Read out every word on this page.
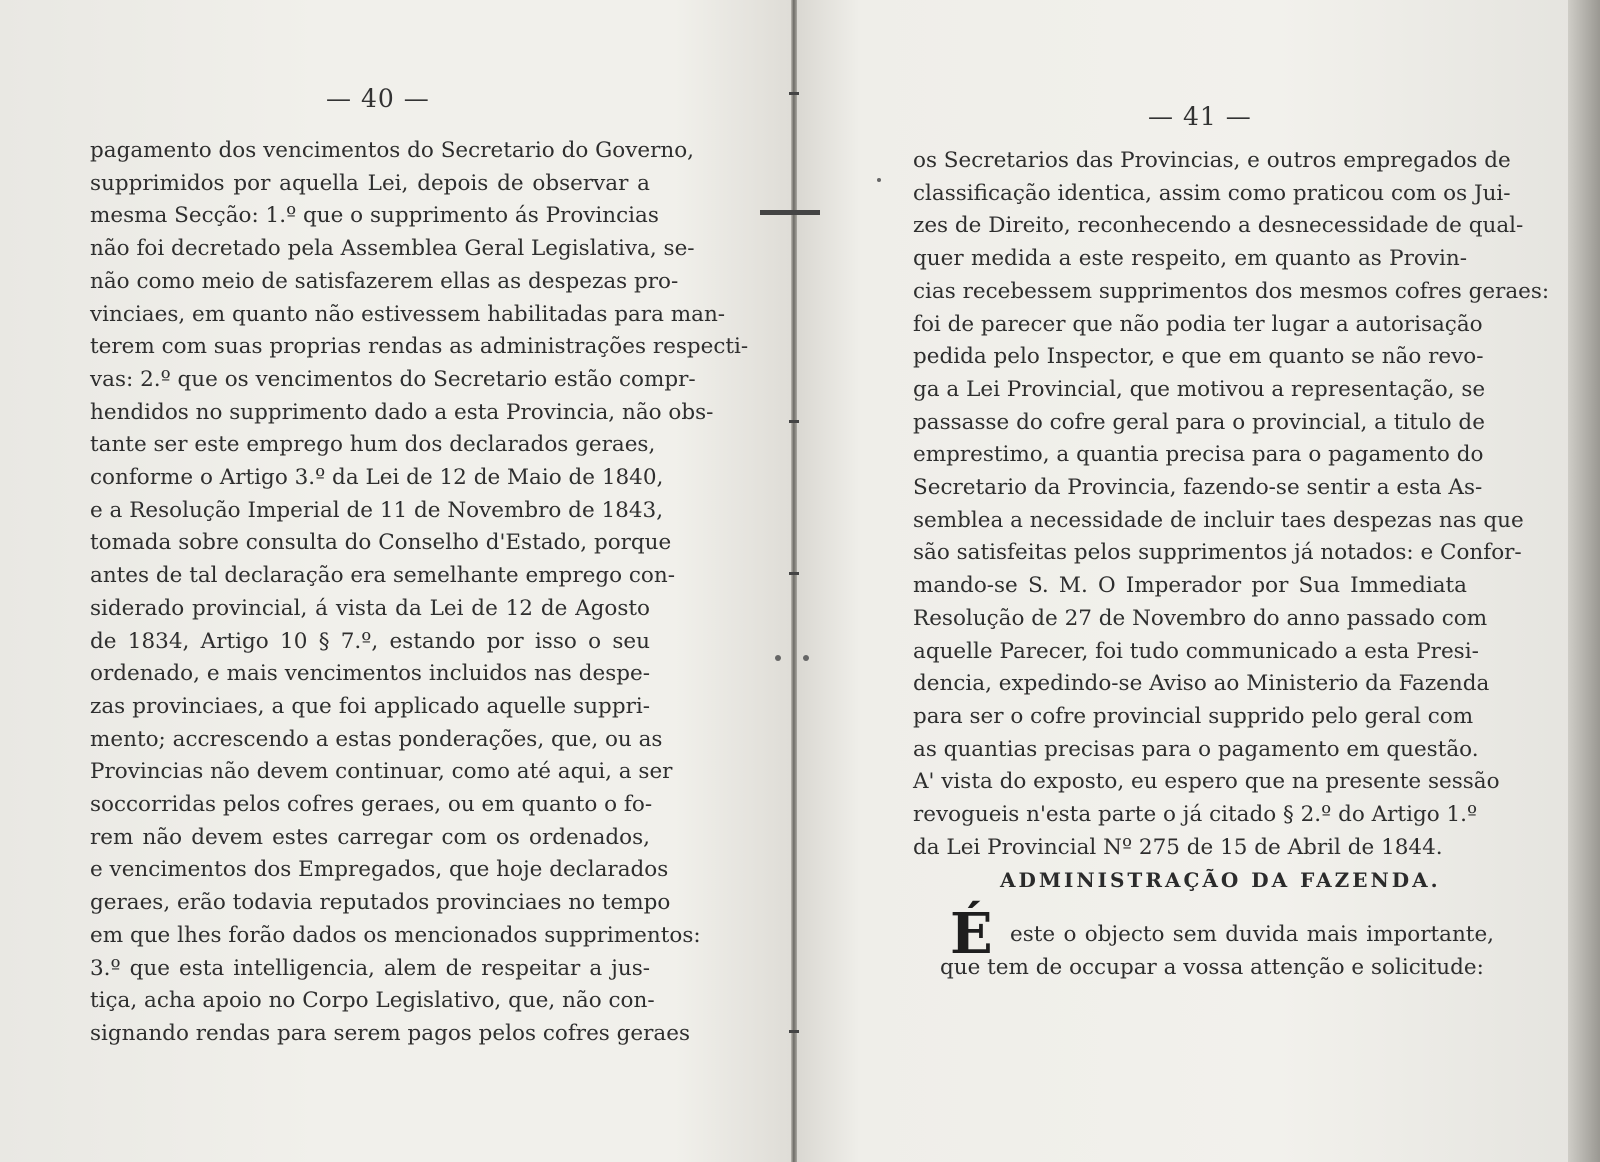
— 40 —
pagamento dos vencimentos do Secretario do Governo,
supprimidos por aquella Lei, depois de observar a
mesma Secção: 1.º que o supprimento ás Provincias
não foi decretado pela Assemblea Geral Legislativa, se-
não como meio de satisfazerem ellas as despezas pro-
vinciaes, em quanto não estivessem habilitadas para man-
terem com suas proprias rendas as administrações respecti-
vas: 2.º que os vencimentos do Secretario estão compr-
hendidos no supprimento dado a esta Provincia, não obs-
tante ser este emprego hum dos declarados geraes,
conforme o Artigo 3.º da Lei de 12 de Maio de 1840,
e a Resolução Imperial de 11 de Novembro de 1843,
tomada sobre consulta do Conselho d'Estado, porque
antes de tal declaração era semelhante emprego con-
siderado provincial, á vista da Lei de 12 de Agosto
de 1834, Artigo 10 § 7.º, estando por isso o seu
ordenado, e mais vencimentos incluidos nas despe-
zas provinciaes, a que foi applicado aquelle suppri-
mento; accrescendo a estas ponderações, que, ou as
Provincias não devem continuar, como até aqui, a ser
soccorridas pelos cofres geraes, ou em quanto o fo-
rem não devem estes carregar com os ordenados,
e vencimentos dos Empregados, que hoje declarados
geraes, erão todavia reputados provinciaes no tempo
em que lhes forão dados os mencionados supprimentos:
3.º que esta intelligencia, alem de respeitar a jus-
tiça, acha apoio no Corpo Legislativo, que, não con-
signando rendas para serem pagos pelos cofres geraes
— 41 —
os Secretarios das Provincias, e outros empregados de
classificação identica, assim como praticou com os Jui-
zes de Direito, reconhecendo a desnecessidade de qual-
quer medida a este respeito, em quanto as Provin-
cias recebessem supprimentos dos mesmos cofres geraes:
foi de parecer que não podia ter lugar a autorisação
pedida pelo Inspector, e que em quanto se não revo-
ga a Lei Provincial, que motivou a representação, se
passasse do cofre geral para o provincial, a titulo de
emprestimo, a quantia precisa para o pagamento do
Secretario da Provincia, fazendo-se sentir a esta As-
semblea a necessidade de incluir taes despezas nas que
são satisfeitas pelos supprimentos já notados: e Confor-
mando-se S. M. O Imperador por Sua Immediata
Resolução de 27 de Novembro do anno passado com
aquelle Parecer, foi tudo communicado a esta Presi-
dencia, expedindo-se Aviso ao Ministerio da Fazenda
para ser o cofre provincial supprido pelo geral com
as quantias precisas para o pagamento em questão.
A' vista do exposto, eu espero que na presente sessão
revogueis n'esta parte o já citado § 2.º do Artigo 1.º
da Lei Provincial Nº 275 de 15 de Abril de 1844.
ADMINISTRAÇÃO DA FAZENDA.
É este o objecto sem duvida mais importante,
que tem de occupar a vossa attenção e solicitude:
